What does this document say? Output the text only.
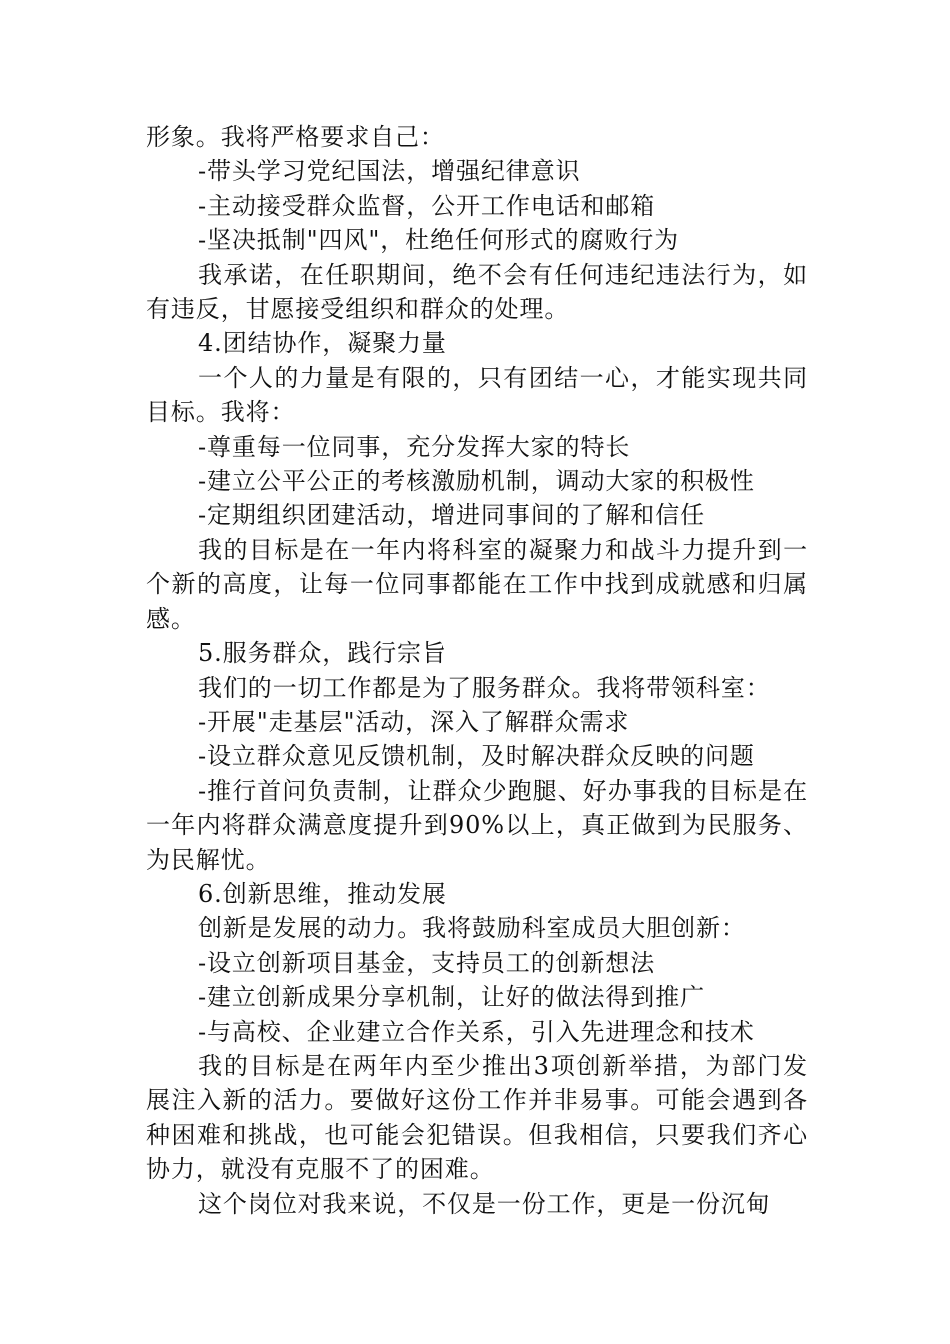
形象。我将严格要求自己：

-带头学习党纪国法，增强纪律意识

-主动接受群众监督，公开工作电话和邮箱

-坚决抵制"四风"，杜绝任何形式的腐败行为

我承诺，在任职期间，绝不会有任何违纪违法行为，如有违反，甘愿接受组织和群众的处理。

4.团结协作，凝聚力量

一个人的力量是有限的，只有团结一心，才能实现共同目标。我将：

-尊重每一位同事，充分发挥大家的特长

-建立公平公正的考核激励机制，调动大家的积极性

-定期组织团建活动，增进同事间的了解和信任

我的目标是在一年内将科室的凝聚力和战斗力提升到一个新的高度，让每一位同事都能在工作中找到成就感和归属感。

5.服务群众，践行宗旨

我们的一切工作都是为了服务群众。我将带领科室：

-开展"走基层"活动，深入了解群众需求

-设立群众意见反馈机制，及时解决群众反映的问题

-推行首问负责制，让群众少跑腿、好办事我的目标是在一年内将群众满意度提升到90%以上，真正做到为民服务、为民解忧。

6.创新思维，推动发展

创新是发展的动力。我将鼓励科室成员大胆创新：

-设立创新项目基金，支持员工的创新想法

-建立创新成果分享机制，让好的做法得到推广

-与高校、企业建立合作关系，引入先进理念和技术

我的目标是在两年内至少推出3项创新举措，为部门发展注入新的活力。要做好这份工作并非易事。可能会遇到各种困难和挑战，也可能会犯错误。但我相信，只要我们齐心协力，就没有克服不了的困难。

这个岗位对我来说，不仅是一份工作，更是一份沉甸
